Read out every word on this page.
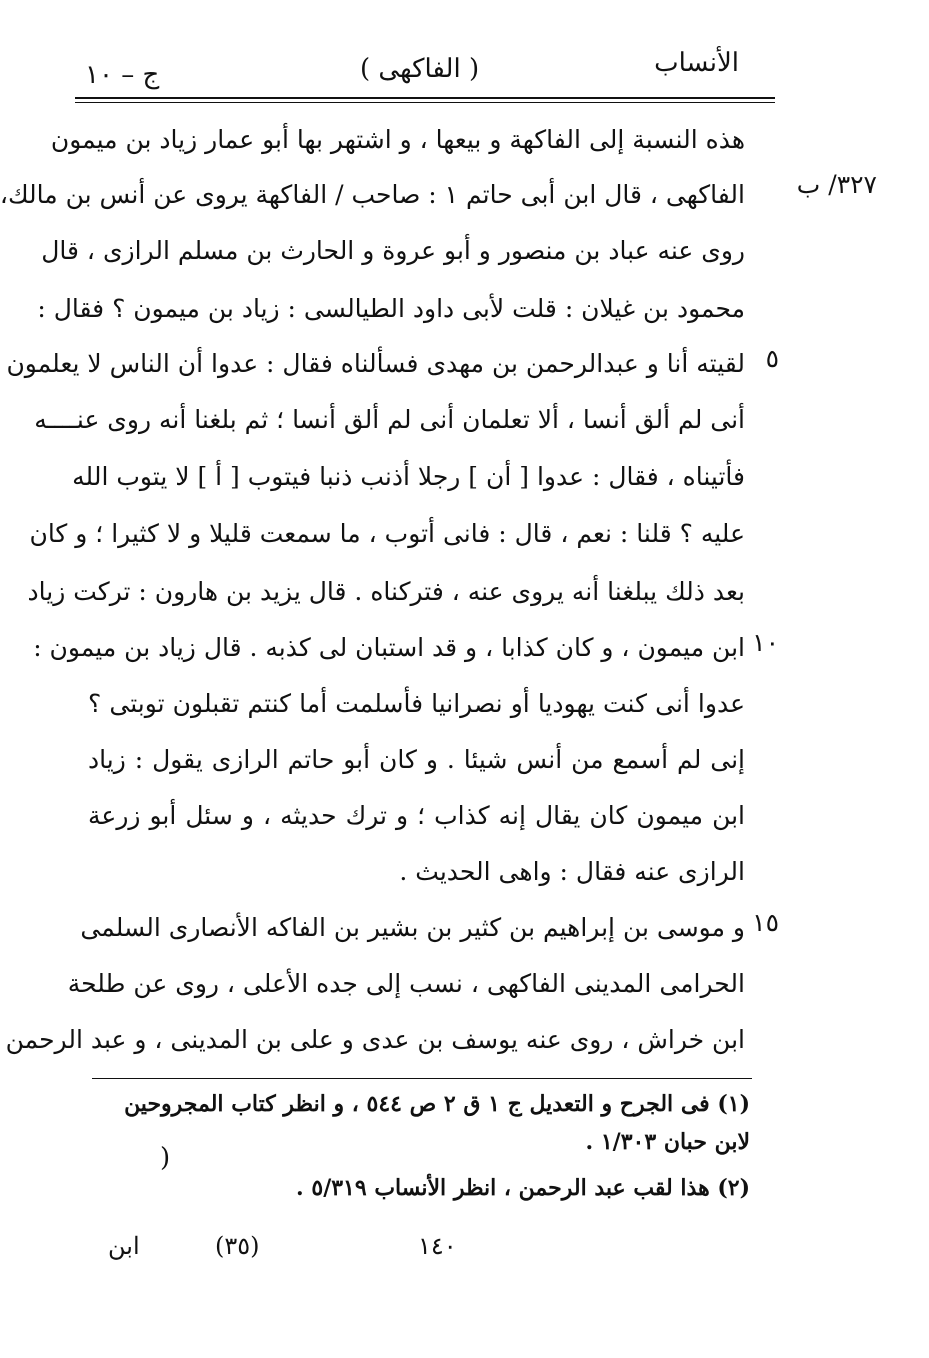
الأنساب
( الفاكهى )
ج – ١٠
٣٢٧/ ب
٥
١٠
١٥
هذه النسبة إلى الفاكهة و بيعها ، و اشتهر بها أبو عمار زياد بن ميمون
الفاكهى ، قال ابن أبى حاتم ١ : صاحب / الفاكهة يروى عن أنس بن مالك،
روى عنه عباد بن منصور و أبو عروة و الحارث بن مسلم الرازى ، قال
محمود بن غيلان : قلت لأبى داود الطيالسى : زياد بن ميمون ؟ فقال :
لقيته أنا و عبدالرحمن بن مهدى فسألناه فقال : عدوا أن الناس لا يعلمون
أنى لم ألق أنسا ، ألا تعلمان أنى لم ألق أنسا ؛ ثم بلغنا أنه روى عنــــه
فأتيناه ، فقال : عدوا [ أن ] رجلا أذنب ذنبا فيتوب [ أ ] لا يتوب الله
عليه ؟ قلنا : نعم ، قال : فانى أتوب ، ما سمعت قليلا و لا كثيرا ؛ و كان
بعد ذلك يبلغنا أنه يروى عنه ، فتركناه . قال يزيد بن هارون : تركت زياد
ابن ميمون ، و كان كذابا ، و قد استبان لى كذبه . قال زياد بن ميمون :
عدوا أنى كنت يهوديا أو نصرانيا فأسلمت أما كنتم تقبلون توبتى ؟
إنى لم أسمع من أنس شيئا . و كان أبو حاتم الرازى يقول : زياد
ابن ميمون كان يقال إنه كذاب ؛ و ترك حديثه ، و سئل أبو زرعة
الرازى عنه فقال : واهى الحديث .
و موسى بن إبراهيم بن كثير بن بشير بن الفاكه الأنصارى السلمى
الحرامى المدينى الفاكهى ، نسب إلى جده الأعلى ، روى عن طلحة
ابن خراش ، روى عنه يوسف بن عدى و على بن المدينى ، و عبد الرحمن
(١) فى الجرح و التعديل ج ١ ق ٢ ص ٥٤٤ ، و انظر كتاب المجروحين
لابن حبان ١/٣٠٣ .
)
(٢) هذا لقب عبد الرحمن ، انظر الأنساب ٥/٣١٩ .
١٤٠
(٣٥)
ابن
